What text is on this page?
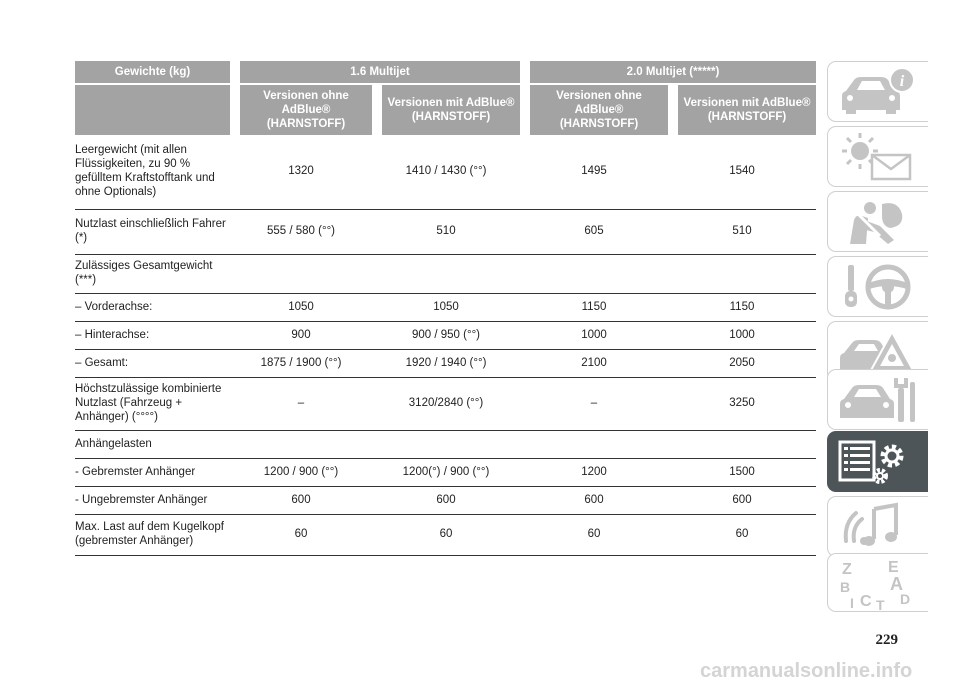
Gewichte (kg)	1.6 Multijet		2.0 Multijet (*****)	
	Versionen ohne AdBlue® (HARNSTOFF)	Versionen mit AdBlue® (HARNSTOFF)	Versionen ohne AdBlue® (HARNSTOFF)	Versionen mit AdBlue® (HARNSTOFF)
Leergewicht (mit allen Flüssigkeiten, zu 90 % gefülltem Kraftstofftank und ohne Optionals)	1320	1410 / 1430 (°°)	1495	1540
Nutzlast einschließlich Fahrer (*)	555 / 580 (°°)	510	605	510
Zulässiges Gesamtgewicht (***)				
– Vorderachse:	1050	1050	1150	1150
– Hinterachse:	900	900 / 950 (°°)	1000	1000
– Gesamt:	1875 / 1900 (°°)	1920 / 1940 (°°)	2100	2050
Höchstzulässige kombinierte Nutzlast (Fahrzeug + Anhänger) (°°°°)	–	3120/2840 (°°)	–	3250
Anhängelasten				
- Gebremster Anhänger	1200 / 900 (°°)	1200(°) / 900 (°°)	1200	1500
- Ungebremster Anhänger	600	600	600	600
Max. Last auf dem Kugelkopf (gebremster Anhänger)	60	60	60	60
i
Z E
B A
I C T D
229
carmanualsonline.info
